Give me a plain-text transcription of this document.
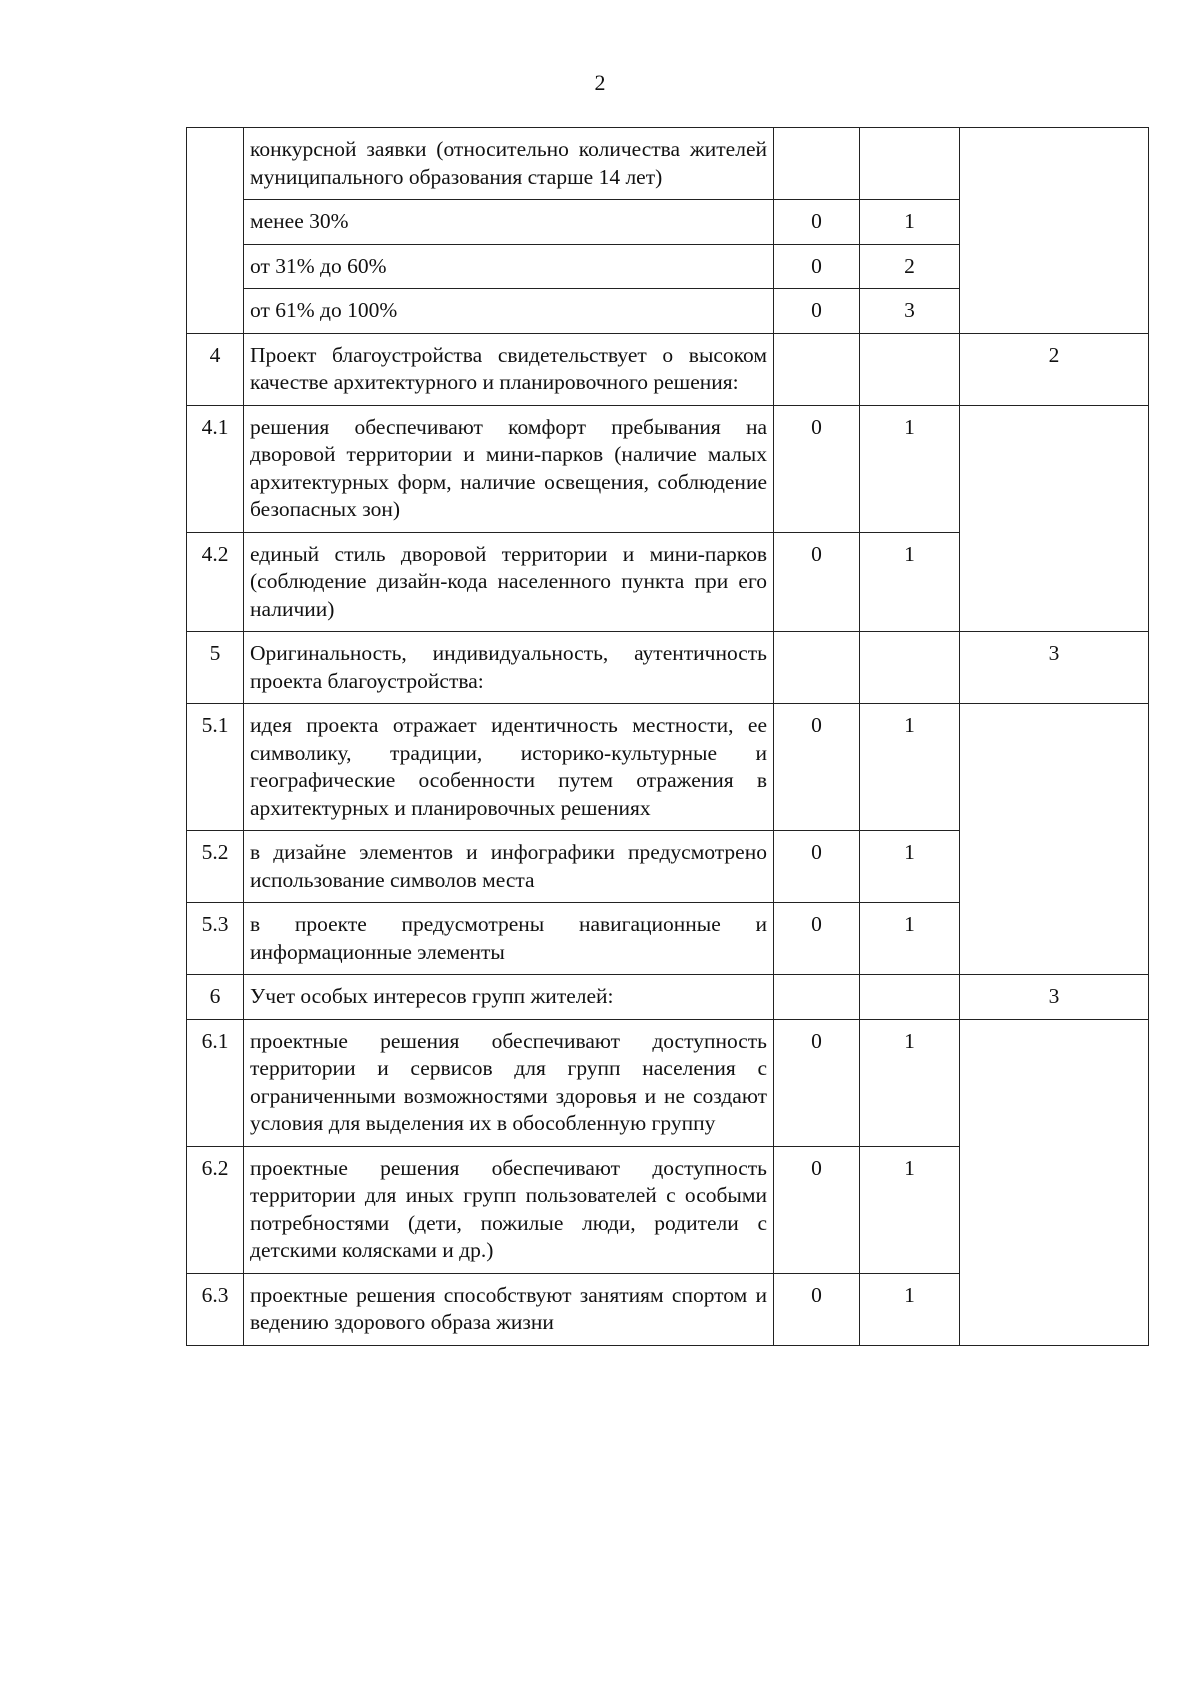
2
	конкурсной заявки (относительно количества жителей муниципального образования старше 14 лет)			
	менее 30%	0	1	
	от 31% до 60%	0	2	
	от 61% до 100%	0	3	
4	Проект благоустройства свидетельствует о высоком качестве архитектурного и планировочного решения:			2
4.1	решения обеспечивают комфорт пребывания на дворовой территории и мини-парков (наличие малых архитектурных форм, наличие освещения, соблюдение безопасных зон)	0	1	
4.2	единый стиль дворовой территории и мини-парков (соблюдение дизайн-кода населенного пункта при его наличии)	0	1	
5	Оригинальность, индивидуальность, аутентичность проекта благоустройства:			3
5.1	идея проекта отражает идентичность местности, ее символику, традиции, историко-культурные и географические особенности путем отражения в архитектурных и планировочных решениях	0	1	
5.2	в дизайне элементов и инфографики предусмотрено использование символов места	0	1	
5.3	в проекте предусмотрены навигационные и информационные элементы	0	1	
6	Учет особых интересов групп жителей:			3
6.1	проектные решения обеспечивают доступность территории и сервисов для групп населения с ограниченными возможностями здоровья и не создают условия для выделения их в обособленную группу	0	1	
6.2	проектные решения обеспечивают доступность территории для иных групп пользователей с особыми потребностями (дети, пожилые люди, родители с детскими колясками и др.)	0	1	
6.3	проектные решения способствуют занятиям спортом и ведению здорового образа жизни	0	1	
